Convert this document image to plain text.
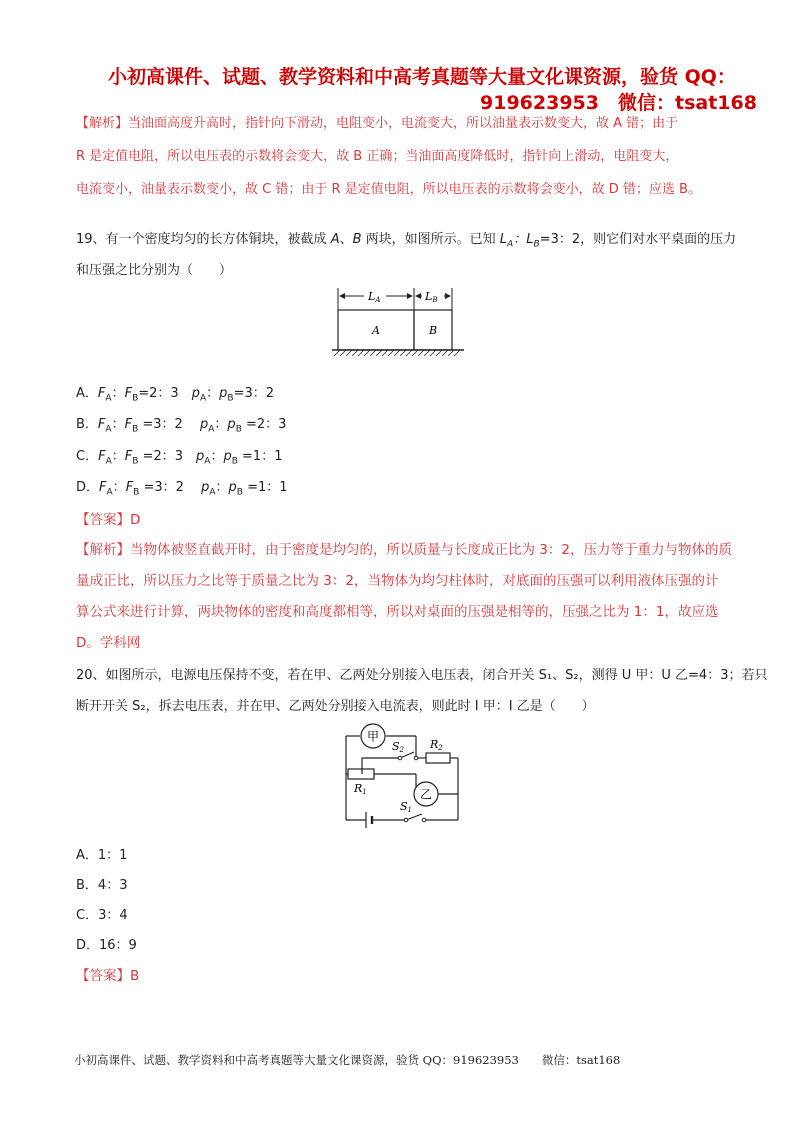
小初高课件、试题、教学资料和中高考真题等大量文化课资源，验货 QQ：
919623953　微信：tsat168
【解析】当油面高度升高时，指针向下滑动，电阻变小，电流变大，所以油量表示数变大，故 A 错；由于
R 是定值电阻，所以电压表的示数将会变大，故 B 正确；当油面高度降低时，指针向上滑动，电阻变大，
电流变小，油量表示数变小，故 C 错；由于 R 是定值电阻，所以电压表的示数将会变小，故 D 错；应选 B。
19、有一个密度均匀的长方体铜块，被截成 A、B 两块，如图所示。已知 $L_A$：$L_B=3$：2，则它们对水平桌面的压力
和压强之比分别为（　　）
LA	LB
A	B
A．$F_A$：$F_B=2$：3　$p_A$：$p_B=3$：2
B．$F_A$：$F_B =3$：2　 $p_A$：$p_B =2$：3
C．$F_A$：$F_B =2$：3　$p_A$：$p_B =1$：1
D．$F_A$：$F_B =3$：2　 $p_A$：$p_B =1$：1
【答案】D
【解析】当物体被竖直截开时，由于密度是均匀的，所以质量与长度成正比为 3：2，压力等于重力与物体的质
量成正比，所以压力之比等于质量之比为 3：2，当物体为均匀柱体时，对底面的压强可以利用液体压强的计
算公式来进行计算，两块物体的密度和高度都相等，所以对桌面的压强是相等的，压强之比为 1：1，故应选
D。学科网
20、如图所示，电源电压保持不变，若在甲、乙两处分别接入电压表，闭合开关 S₁、S₂，测得 U 甲：U 乙=4：3；若只
断开开关 S₂，拆去电压表，并在甲、乙两处分别接入电流表，则此时 I 甲：I 乙是（　　）
甲
乙
S2 R2
R1
S1
A．1：1
B．4：3
C．3：4
D．16：9
【答案】B
小初高课件、试题、教学资料和中高考真题等大量文化课资源，验货 QQ：919623953　　微信：tsat168
